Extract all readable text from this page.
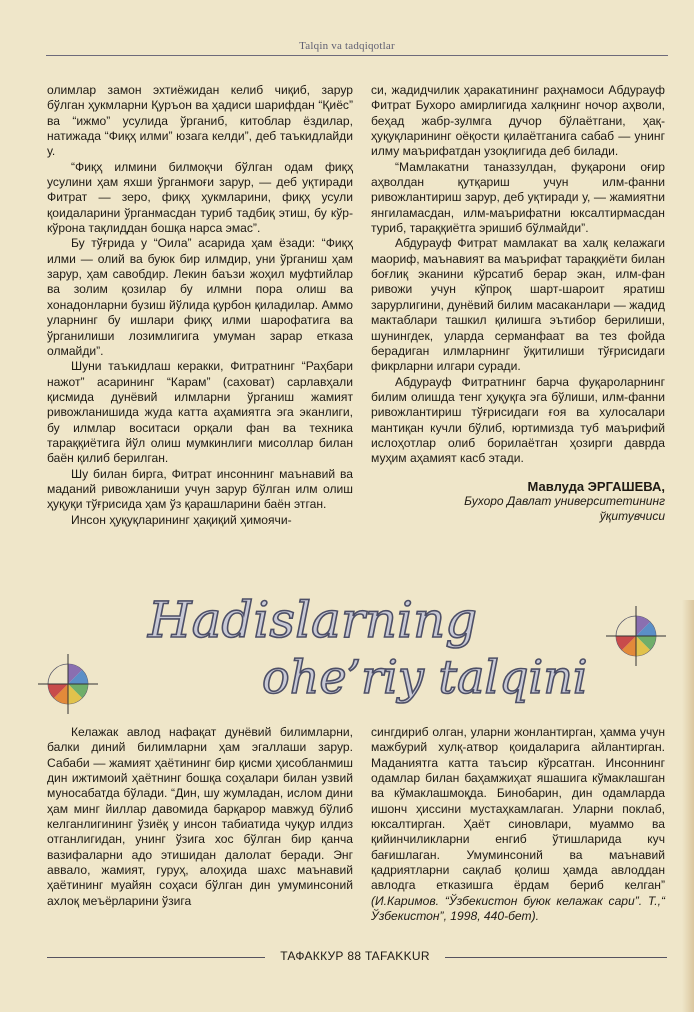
Talqin va tadqiqotlar

олимлар замон эхтиёжидан келиб чиқиб, зарур бўлган ҳукмларни Қуръон ва ҳадиси шарифдан “Қиёс” ва “ижмо” усулида ўрганиб, китоблар ёздилар, натижада “Фиқҳ илми” юзага келди”, деб таъкидлайди у.

“Фиқҳ илмини билмоқчи бўлган одам фиқҳ усулини ҳам яхши ўрганмоғи зарур, — деб уқтиради Фитрат — зеро, фиқҳ ҳукмларини, фиқҳ усули қоидаларини ўрганмасдан туриб тадбиқ этиш, бу кўр-кўрона тақлиддан бошқа нарса эмас”.

Бу тўғрида у “Оила” асарида ҳам ёзади: “Фиқҳ илми — олий ва буюк бир илмдир, уни ўрганиш ҳам зарур, ҳам савобдир. Лекин баъзи жоҳил муфтийлар ва золим қозилар бу илмни пора олиш ва хонадонларни бузиш йўлида қурбон қиладилар. Аммо уларнинг бу ишлари фиқҳ илми шарофатига ва ўрганилиши лозимлигига умуман зарар етказа олмайди”.

Шуни таъкидлаш керакки, Фитратнинг “Раҳбари нажот” асарининг “Карам” (саховат) сарлавҳали қисмида дунёвий илмларни ўрганиш жамият ривожланишида жуда катта аҳамиятга эга эканлиги, бу илмлар воситаси орқали фан ва техника тараққиётига йўл олиш мумкинлиги мисоллар билан баён қилиб берилган.

Шу билан бирга, Фитрат инсоннинг маънавий ва маданий ривожланиши учун зарур бўлган илм олиш ҳуқуқи тўғрисида ҳам ўз қарашларини баён этган.

Инсон ҳуқуқларининг ҳақиқий ҳимоячи-

си, жадидчилик ҳаракатининг раҳнамоси Абдурауф Фитрат Бухоро амирлигида халқнинг ночор аҳволи, беҳад жабр-зулмга дучор бўлаётгани, ҳақ-ҳуқуқларининг оёқости қилаётганига сабаб — унинг илму маърифатдан узоқлигида деб билади.

“Мамлакатни таназзулдан, фуқарони оғир аҳволдан қутқариш учун илм-фанни ривожлантириш зарур, деб уқтиради у, — жамиятни янгиламасдан, илм-маърифатни юксалтирмасдан туриб, тараққиётга эришиб бўлмайди”.

Абдурауф Фитрат мамлакат ва халқ келажаги маориф, маънавият ва маърифат тараққиёти билан боғлиқ эканини кўрсатиб берар экан, илм-фан ривожи учун кўпроқ шарт-шароит яратиш зарурлигини, дунёвий билим масаканлари — жадид мактаблари ташкил қилишга эътибор берилиши, шунингдек, уларда серманфаат ва тез фойда берадиган илмларнинг ўқитилиши тўғрисидаги фикрларни илгари суради.

Абдурауф Фитратнинг барча фуқароларнинг билим олишда тенг ҳуқуқга эга бўлиши, илм-фанни ривожлантириш тўғрисидаги ғоя ва хулосалари мантиқан кучли бўлиб, юртимизда туб маърифий ислоҳотлар олиб борилаётган ҳозирги даврда муҳим аҳамият касб этади.

Мавлуда ЭРГАШЕВА,

Бухоро Давлат университетининг

ўқитувчиси

Hadislarning
ohe’riy talqini

Келажак авлод нафақат дунёвий билимларни, балки диний билимларни ҳам эгаллаши зарур. Сабаби — жамият ҳаётининг бир қисми ҳисобланмиш дин ижтимоий ҳаётнинг бошқа соҳалари билан узвий муносабатда бўлади. “Дин, шу жумладан, ислом дини ҳам минг йиллар давомида барқарор мавжуд бўлиб келганлигининг ўзиёқ у инсон табиатида чуқур илдиз отганлигидан, унинг ўзига хос бўлган бир қанча вазифаларни адо этишидан далолат беради. Энг аввало, жамият, гуруҳ, алоҳида шахс маънавий ҳаётининг муайян соҳаси бўлган дин умуминсоний ахлоқ меъёрларини ўзига

сингдириб олган, уларни жонлантирган, ҳамма учун мажбурий хулқ-атвор қоидаларига айлантирган. Маданиятга катта таъсир кўрсатган. Инсоннинг одамлар билан баҳамжиҳат яшашига кўмаклашган ва кўмаклашмоқда. Бинобарин, дин одамларда ишонч ҳиссини мустаҳкамлаган. Уларни поклаб, юксалтирган. Ҳаёт синовлари, муаммо ва қийинчиликларни енгиб ўтишларида куч бағишлаган. Умуминсоний ва маънавий қадриятларни сақлаб қолиш ҳамда авлоддан авлодга етказишга ёрдам бериб келган” (И.Каримов. “Ўзбекистон буюк келажак сари”. Т.,“ Ўзбекистон”, 1998, 440-бет).

ТАФАККУР 88 TAFAKKUR
